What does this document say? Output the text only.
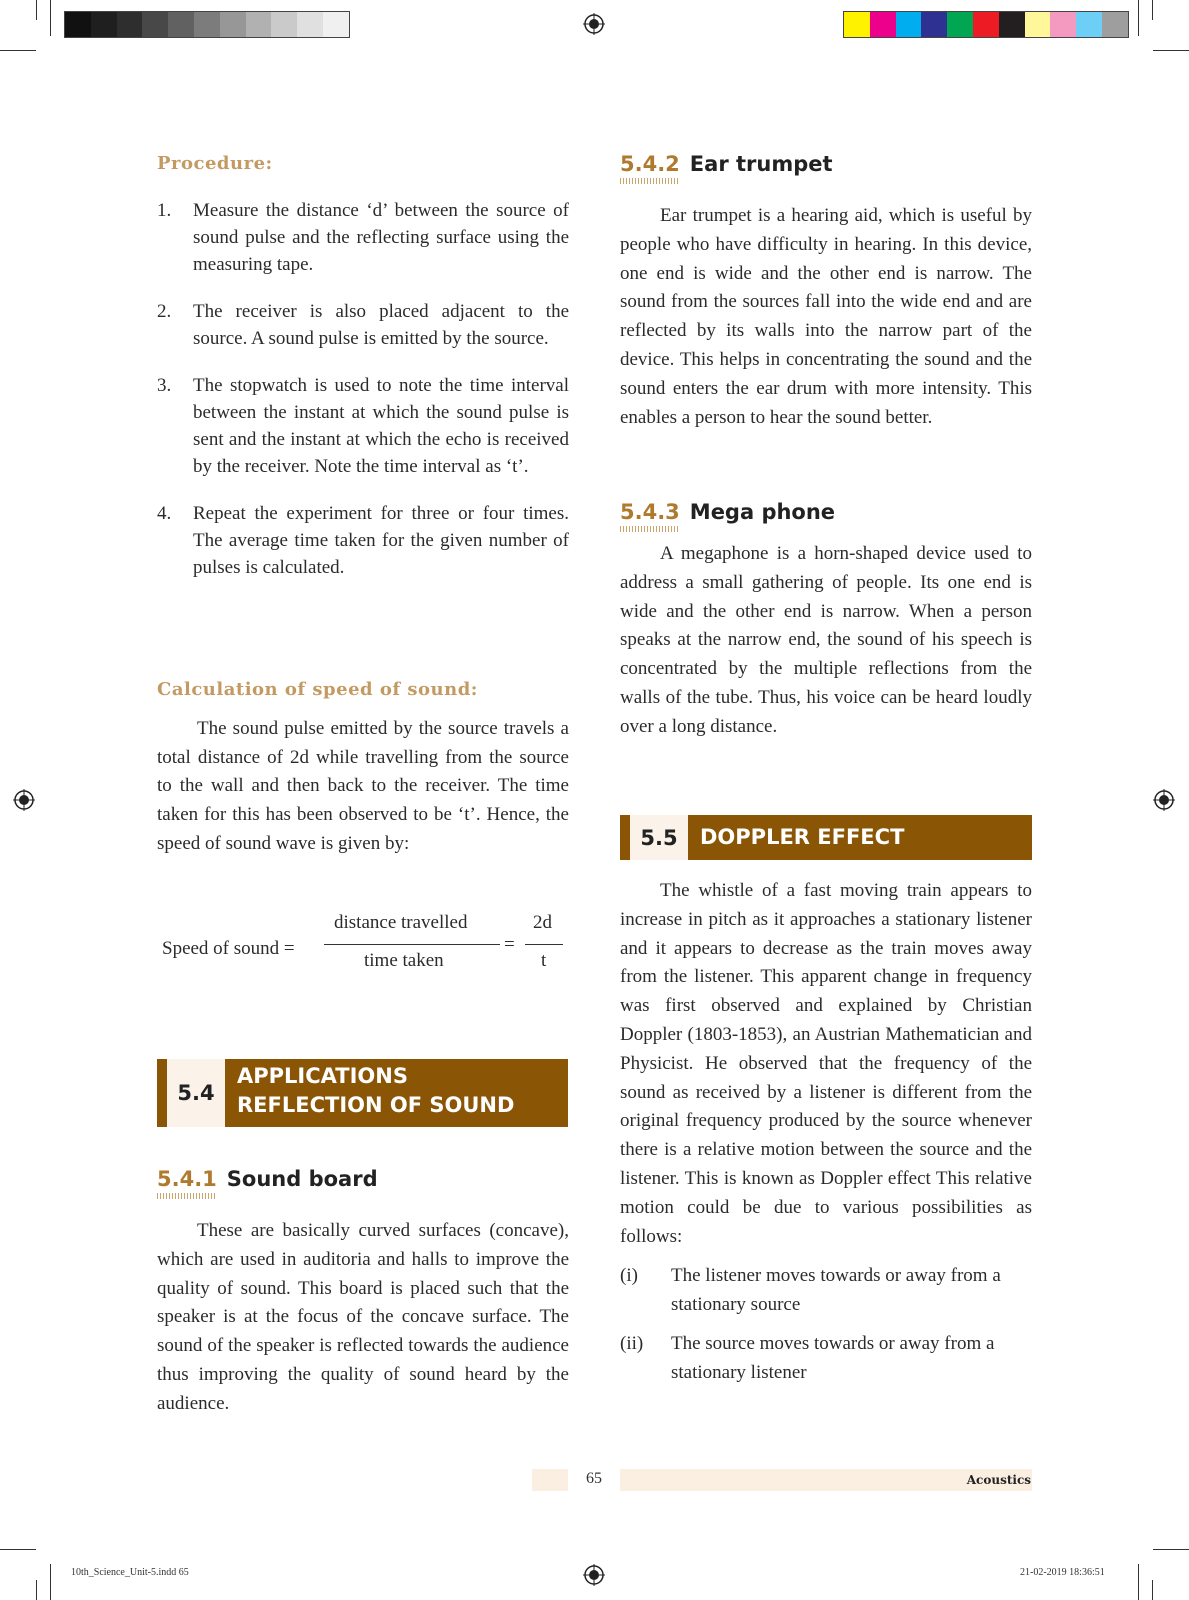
10th_Science_Unit-5.indd 65	21-02-2019 18:36:51
Procedure:
1. Measure the distance ‘d’ between the source of sound pulse and the reflecting surface using the measuring tape.
2. The receiver is also placed adjacent to the source. A sound pulse is emitted by the source.
3. The stopwatch is used to note the time interval between the instant at which the sound pulse is sent and the instant at which the echo is received by the receiver. Note the time interval as ‘t’.
4. Repeat the experiment for three or four times. The average time taken for the given number of pulses is calculated.
Calculation of speed of sound:

The sound pulse emitted by the source travels a total distance of 2d while travelling from the source to the wall and then back to the receiver. The time taken for this has been observed to be ‘t’. Hence, the speed of sound wave is given by:

Speed of sound =
distance travelled
time taken
=
2d
t
5.4
APPLICATIONS
REFLECTION OF SOUND
5.4.1 Sound board

These are basically curved surfaces (concave), which are used in auditoria and halls to improve the quality of sound. This board is placed such that the speaker is at the focus of the concave surface. The sound of the speaker is reflected towards the audience thus improving the quality of sound heard by the audience.

5.4.2 Ear trumpet

Ear trumpet is a hearing aid, which is useful by people who have difficulty in hearing. In this device, one end is wide and the other end is narrow. The sound from the sources fall into the wide end and are reflected by its walls into the narrow part of the device. This helps in concentrating the sound and the sound enters the ear drum with more intensity. This enables a person to hear the sound better.

5.4.3 Mega phone

A megaphone is a horn-shaped device used to address a small gathering of people. Its one end is wide and the other end is narrow. When a person speaks at the narrow end, the sound of his speech is concentrated by the multiple reflections from the walls of the tube. Thus, his voice can be heard loudly over a long distance.

5.5	DOPPLER EFFECT

The whistle of a fast moving train appears to increase in pitch as it approaches a stationary listener and it appears to decrease as the train moves away from the listener. This apparent change in frequency was first observed and explained by Christian Doppler (1803-1853), an Austrian Mathematician and Physicist. He observed that the frequency of the sound as received by a listener is different from the original frequency produced by the source whenever there is a relative motion between the source and the listener. This is known as Doppler effect This relative motion could be due to various possibilities as follows:

(i) The listener moves towards or away from a stationary source
(ii) The source moves towards or away from a stationary listener
65	Acoustics
